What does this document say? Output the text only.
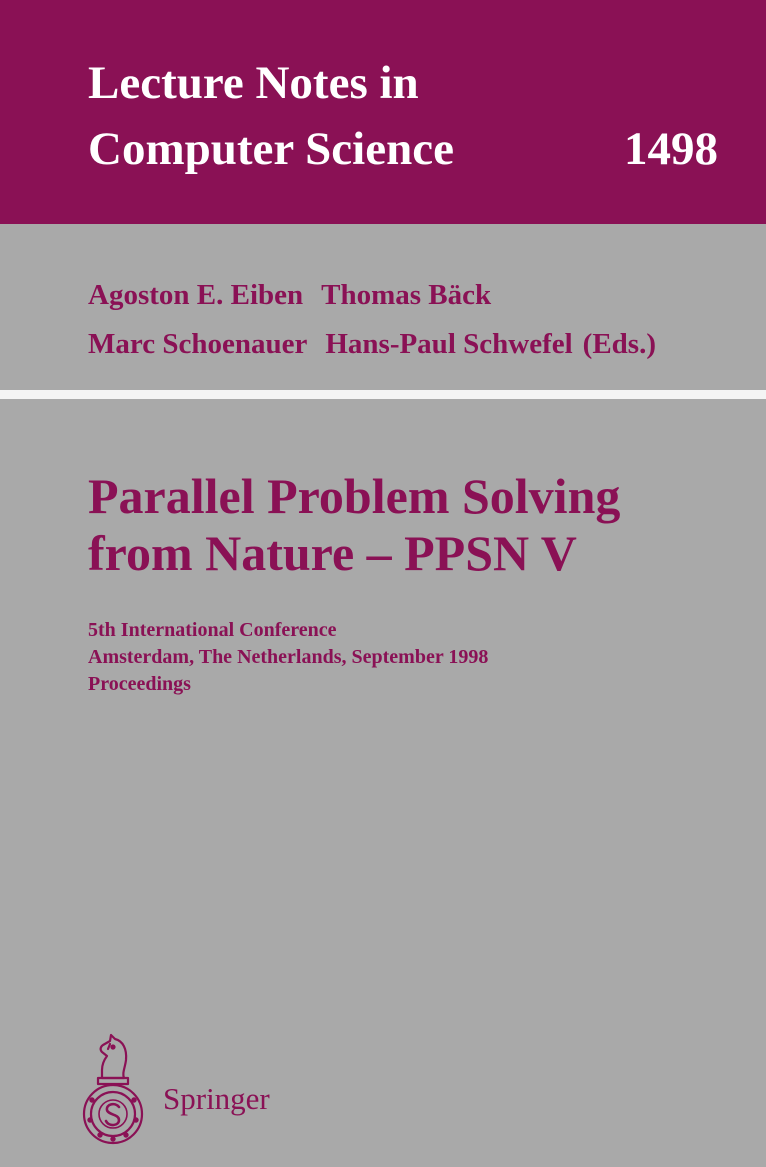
Lecture Notes in
Computer Science	1498
Agoston E. Eiben Thomas Bäck
Marc Schoenauer Hans-Paul Schwefel (Eds.)
Parallel Problem Solving
from Nature – PPSN V
5th International Conference
Amsterdam, The Netherlands, September 1998
Proceedings
Springer
